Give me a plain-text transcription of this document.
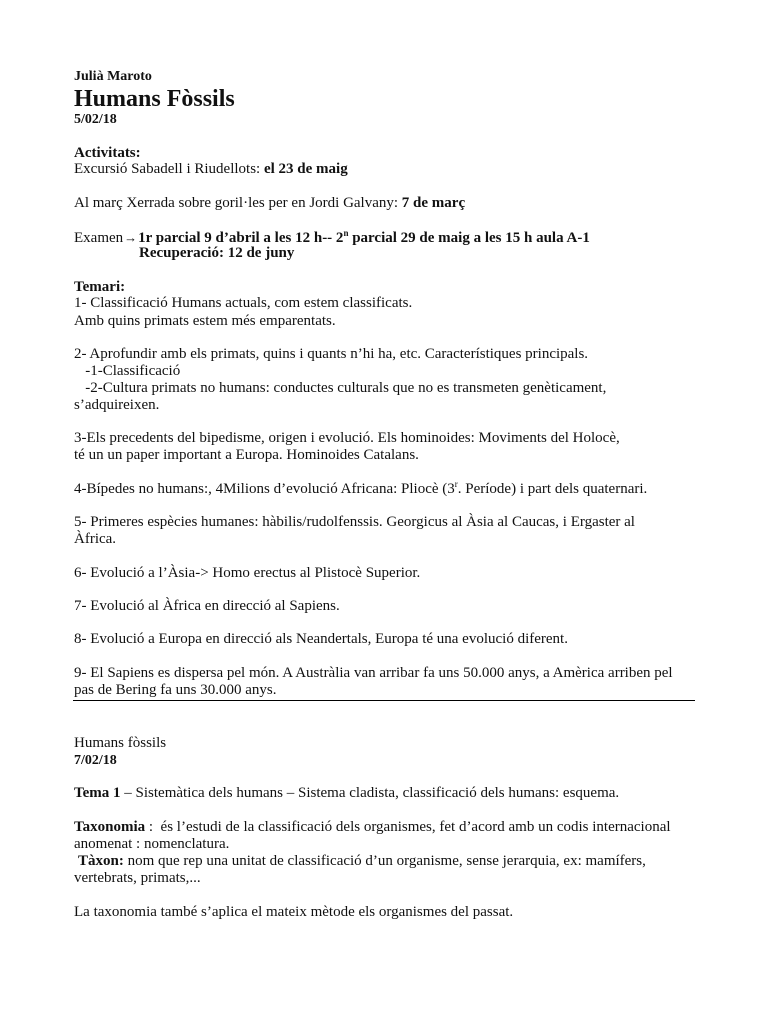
Julià Maroto
Humans Fòssils
5/02/18
Activitats:
Excursió Sabadell i Riudellots: el 23 de maig
Al març Xerrada sobre goril·les per en Jordi Galvany: 7 de març
Examen→1r parcial 9 d’abril a les 12 h-- 2$^n$ parcial 29 de maig a les 15 h aula A-1
Recuperació: 12 de juny
Temari:
1- Classificació Humans actuals, com estem classificats.
Amb quins primats estem més emparentats.
2- Aprofundir amb els primats, quins i quants n’hi ha, etc. Característiques principals.
-1-Classificació
-2-Cultura primats no humans: conductes culturals que no es transmeten genèticament,
s’adquireixen.
3-Els precedents del bipedisme, origen i evolució. Els hominoides: Moviments del Holocè,
té un un paper important a Europa. Hominoides Catalans.
4-Bípedes no humans:, 4Milions d’evolució Africana: Pliocè (3$^r$. Període) i part dels quaternari.
5- Primeres espècies humanes: hàbilis/rudolfenssis. Georgicus al Àsia al Caucas, i Ergaster al
Àfrica.
6- Evolució a l’Àsia-> Homo erectus al Plistocè Superior.
7- Evolució al Àfrica en direcció al Sapiens.
8- Evolució a Europa en direcció als Neandertals, Europa té una evolució diferent.
9- El Sapiens es dispersa pel món. A Austràlia van arribar fa uns 50.000 anys, a Amèrica arriben pel
pas de Bering fa uns 30.000 anys.
Humans fòssils
7/02/18
Tema 1 – Sistemàtica dels humans – Sistema cladista, classificació dels humans: esquema.
Taxonomia :  és l’estudi de la classificació dels organismes, fet d’acord amb un codis internacional
anomenat : nomenclatura.
Tàxon: nom que rep una unitat de classificació d’un organisme, sense jerarquia, ex: mamífers,
vertebrats, primats,...
La taxonomia també s’aplica el mateix mètode els organismes del passat.
